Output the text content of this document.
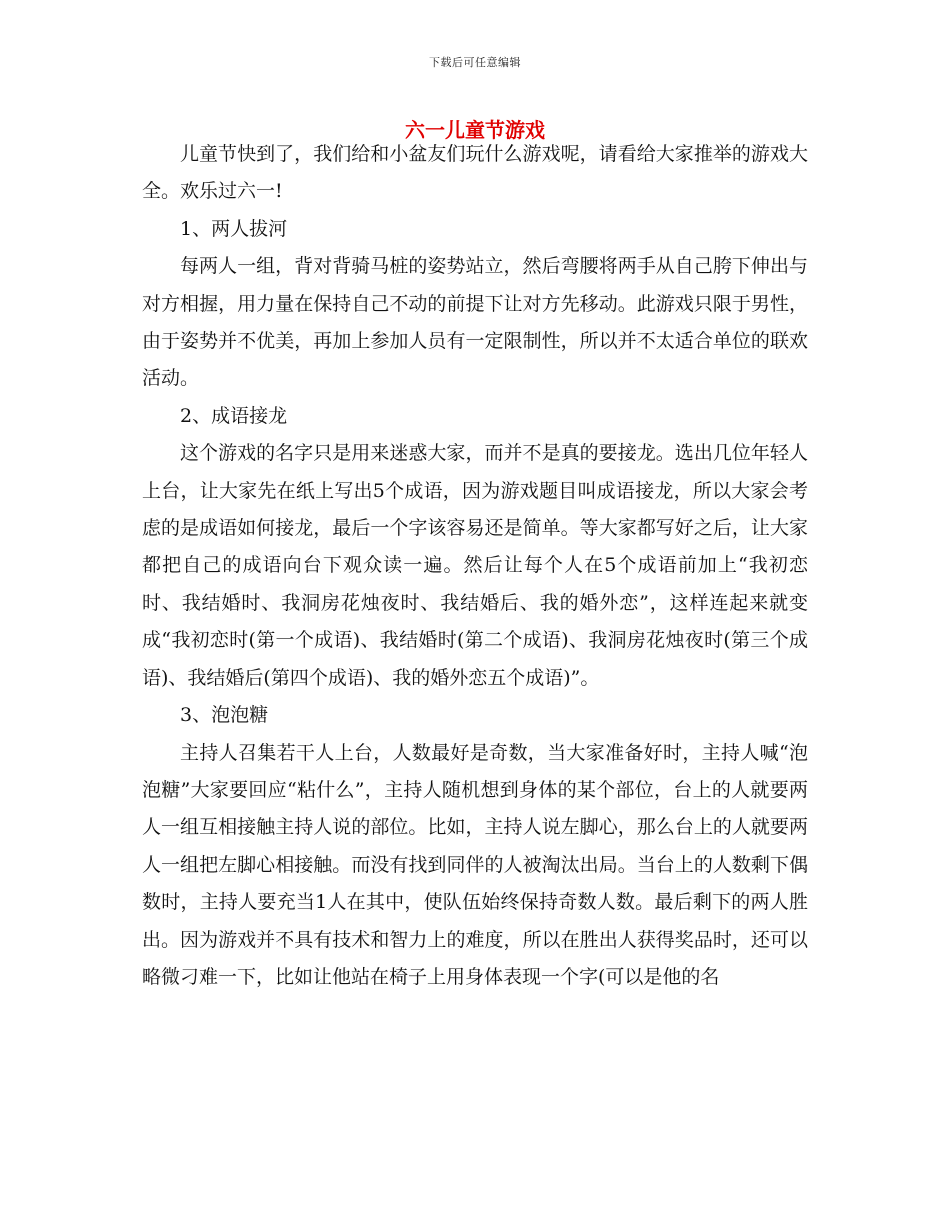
下载后可任意编辑
六一儿童节游戏

儿童节快到了，我们给和小盆友们玩什么游戏呢，请看给大家推举的游戏大全。欢乐过六一!

1、两人拔河

每两人一组，背对背骑马桩的姿势站立，然后弯腰将两手从自己胯下伸出与对方相握，用力量在保持自己不动的前提下让对方先移动。此游戏只限于男性，由于姿势并不优美，再加上参加人员有一定限制性，所以并不太适合单位的联欢活动。

2、成语接龙

这个游戏的名字只是用来迷惑大家，而并不是真的要接龙。选出几位年轻人上台，让大家先在纸上写出5个成语，因为游戏题目叫成语接龙，所以大家会考虑的是成语如何接龙，最后一个字该容易还是简单。等大家都写好之后，让大家都把自己的成语向台下观众读一遍。然后让每个人在5个成语前加上“我初恋时、我结婚时、我洞房花烛夜时、我结婚后、我的婚外恋”，这样连起来就变成“我初恋时(第一个成语)、我结婚时(第二个成语)、我洞房花烛夜时(第三个成语)、我结婚后(第四个成语)、我的婚外恋五个成语)”。

3、泡泡糖

主持人召集若干人上台，人数最好是奇数，当大家准备好时，主持人喊“泡泡糖”大家要回应“粘什么”，主持人随机想到身体的某个部位，台上的人就要两人一组互相接触主持人说的部位。比如，主持人说左脚心，那么台上的人就要两人一组把左脚心相接触。而没有找到同伴的人被淘汰出局。当台上的人数剩下偶数时，主持人要充当1人在其中，使队伍始终保持奇数人数。最后剩下的两人胜出。因为游戏并不具有技术和智力上的难度，所以在胜出人获得奖品时，还可以略微刁难一下，比如让他站在椅子上用身体表现一个字(可以是他的名
